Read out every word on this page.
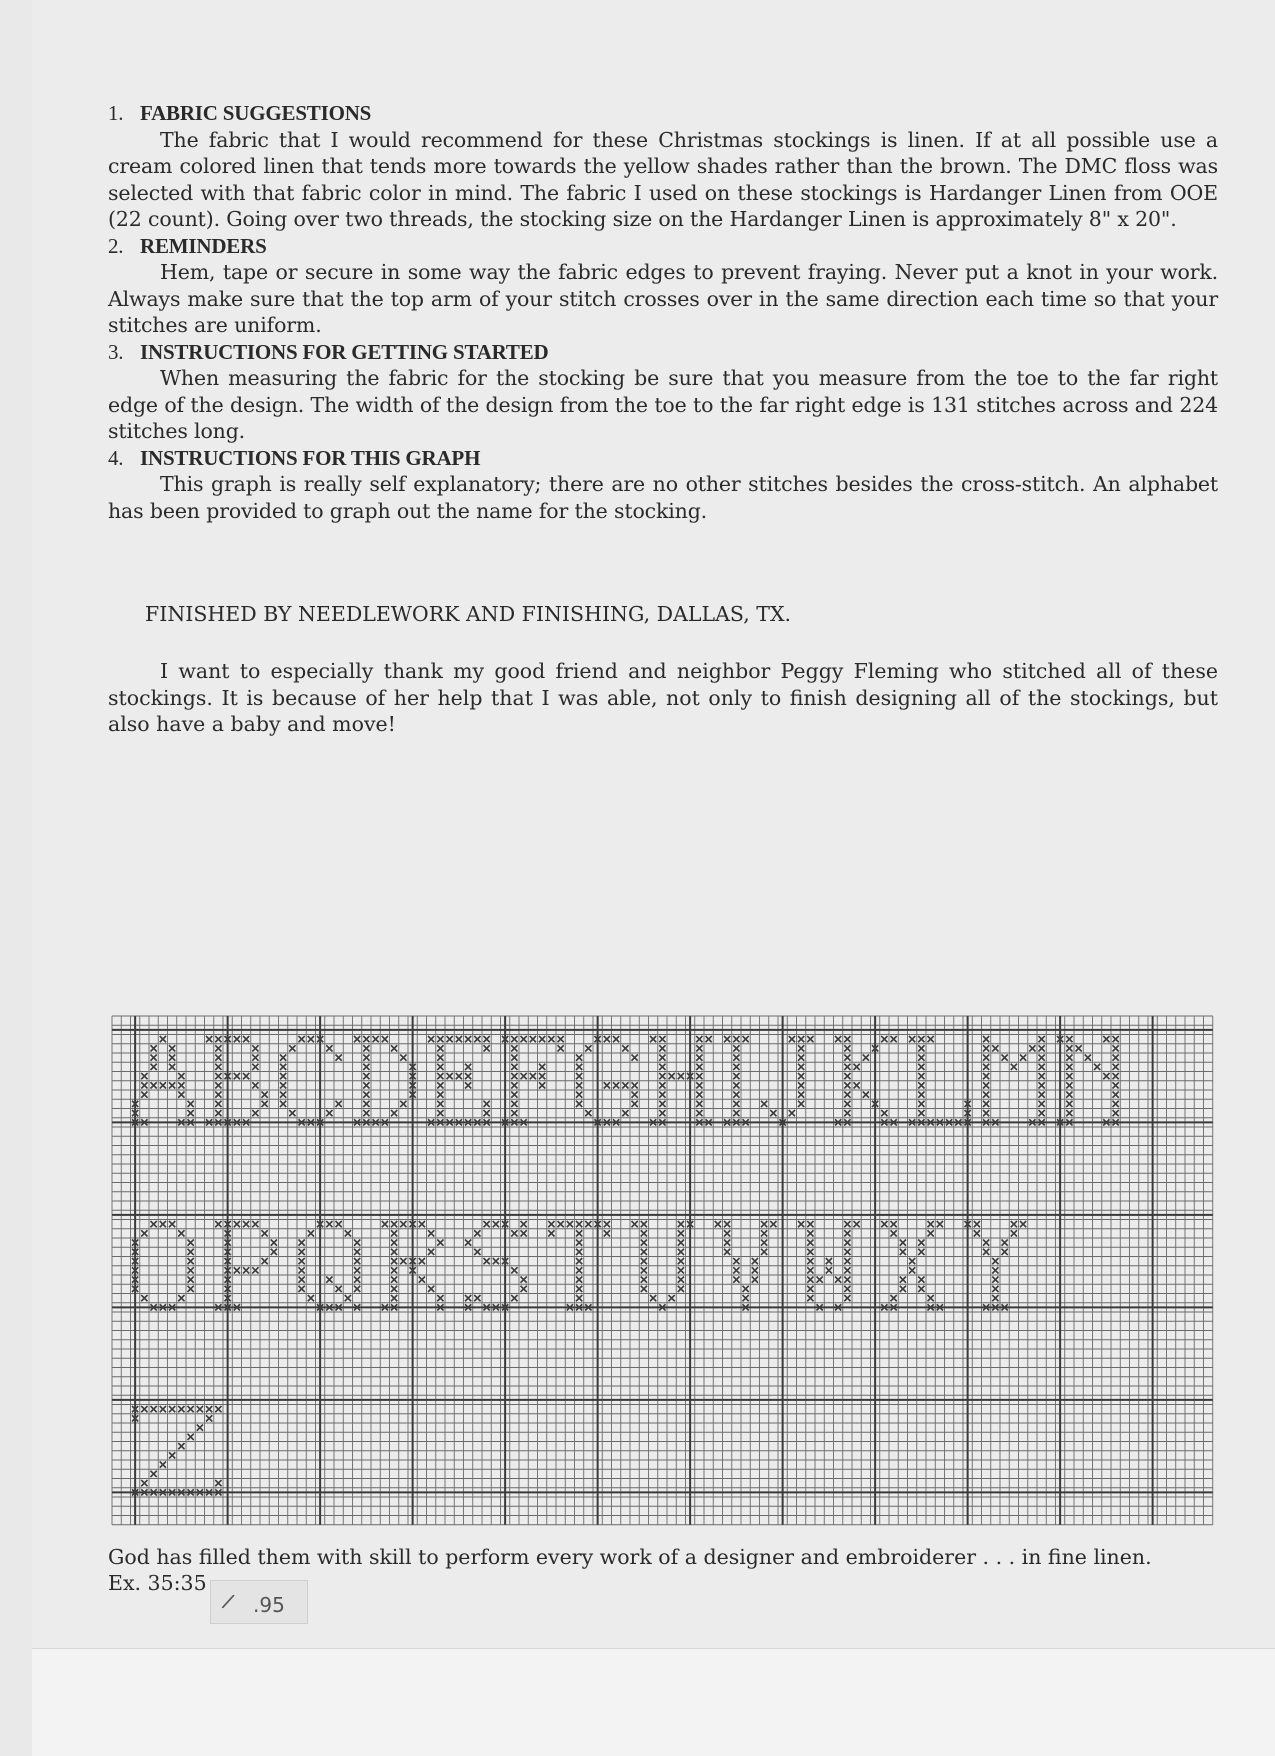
1. FABRIC SUGGESTIONS

The fabric that I would recommend for these Christmas stockings is linen. If at all possible use a cream colored linen that tends more towards the yellow shades rather than the brown. The DMC floss was selected with that fabric color in mind. The fabric I used on these stockings is Hardanger Linen from OOE (22 count). Going over two threads, the stocking size on the Hardanger Linen is approximately 8" x 20".

2. REMINDERS

Hem, tape or secure in some way the fabric edges to prevent fraying. Never put a knot in your work. Always make sure that the top arm of your stitch crosses over in the same direction each time so that your stitches are uniform.

3. INSTRUCTIONS FOR GETTING STARTED

When measuring the fabric for the stocking be sure that you measure from the toe to the far right edge of the design. The width of the design from the toe to the far right edge is 131 stitches across and 224 stitches long.

4. INSTRUCTIONS FOR THIS GRAPH

This graph is really self explanatory; there are no other stitches besides the cross-stitch. An alphabet has been provided to graph out the name for the stocking.

FINISHED BY NEEDLEWORK AND FINISHING, DALLAS, TX.

I want to especially thank my good friend and neighbor Peggy Fleming who stitched all of these stockings. It is because of her help that I was able, not only to finish designing all of the stockings, but also have a baby and move!

God has filled them with skill to perform every work of a designer and embroiderer . . . in fine linen.
Ex. 35:35
/ .95
